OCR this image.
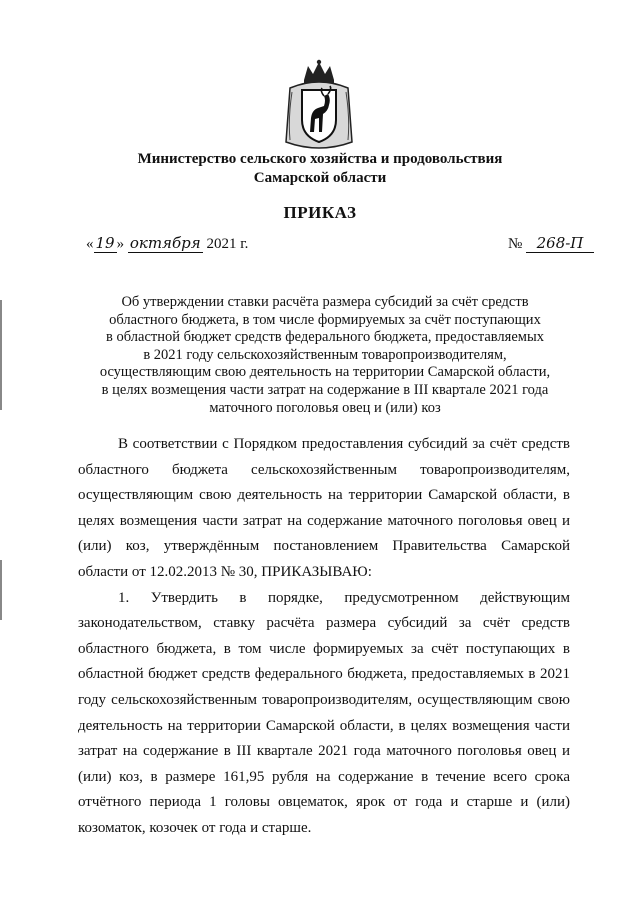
Министерство сельского хозяйства и продовольствия
Самарской области
ПРИКАЗ
« 19 » октября 2021 г.	№ 268-П
Об утверждении ставки расчёта размера субсидий за счёт средств
областного бюджета, в том числе формируемых за счёт поступающих
в областной бюджет средств федерального бюджета, предоставляемых
в 2021 году сельскохозяйственным товаропроизводителям,
осуществляющим свою деятельность на территории Самарской области,
в целях возмещения части затрат на содержание в III квартале 2021 года
маточного поголовья овец и (или) коз

В соответствии с Порядком предоставления субсидий за счёт средств областного бюджета сельскохозяйственным товаропроизводителям, осуществляющим свою деятельность на территории Самарской области, в целях возмещения части затрат на содержание маточного поголовья овец и (или) коз, утверждённым постановлением Правительства Самарской области от 12.02.2013 № 30, ПРИКАЗЫВАЮ:

1. Утвердить в порядке, предусмотренном действующим законодательством, ставку расчёта размера субсидий за счёт средств областного бюджета, в том числе формируемых за счёт поступающих в областной бюджет средств федерального бюджета, предоставляемых в 2021 году сельскохозяйственным товаропроизводителям, осуществляющим свою деятельность на территории Самарской области, в целях возмещения части затрат на содержание в III квартале 2021 года маточного поголовья овец и (или) коз, в размере 161,95 рубля на содержание в течение всего срока отчётного периода 1 головы овцематок, ярок от года и старше и (или) козоматок, козочек от года и старше.
